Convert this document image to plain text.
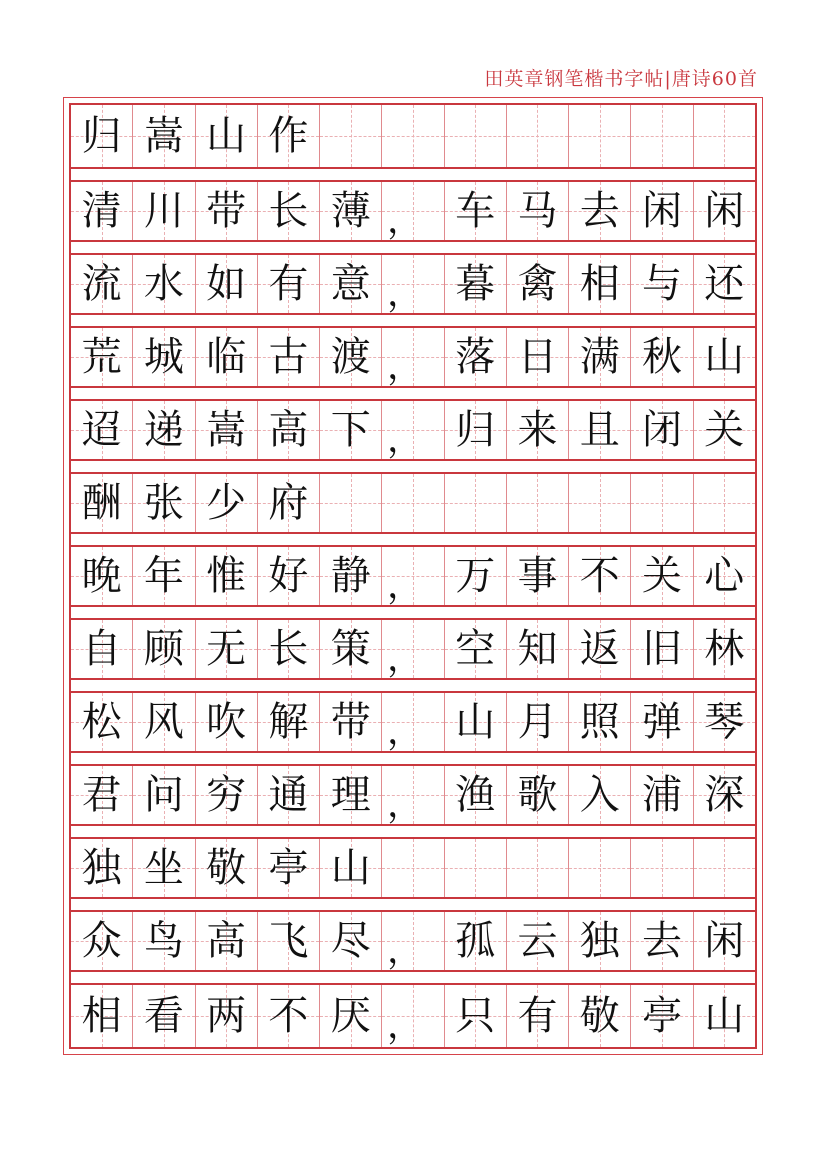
田英章钢笔楷书字帖|唐诗60首
归 嵩 山 作
清 川 带 长 薄 ， 车 马 去 闲 闲
流 水 如 有 意 ， 暮 禽 相 与 还
荒 城 临 古 渡 ， 落 日 满 秋 山
迢 递 嵩 高 下 ， 归 来 且 闭 关
酬 张 少 府
晚 年 惟 好 静 ， 万 事 不 关 心
自 顾 无 长 策 ， 空 知 返 旧 林
松 风 吹 解 带 ， 山 月 照 弹 琴
君 问 穷 通 理 ， 渔 歌 入 浦 深
独 坐 敬 亭 山
众 鸟 高 飞 尽 ， 孤 云 独 去 闲
相 看 两 不 厌 ， 只 有 敬 亭 山
